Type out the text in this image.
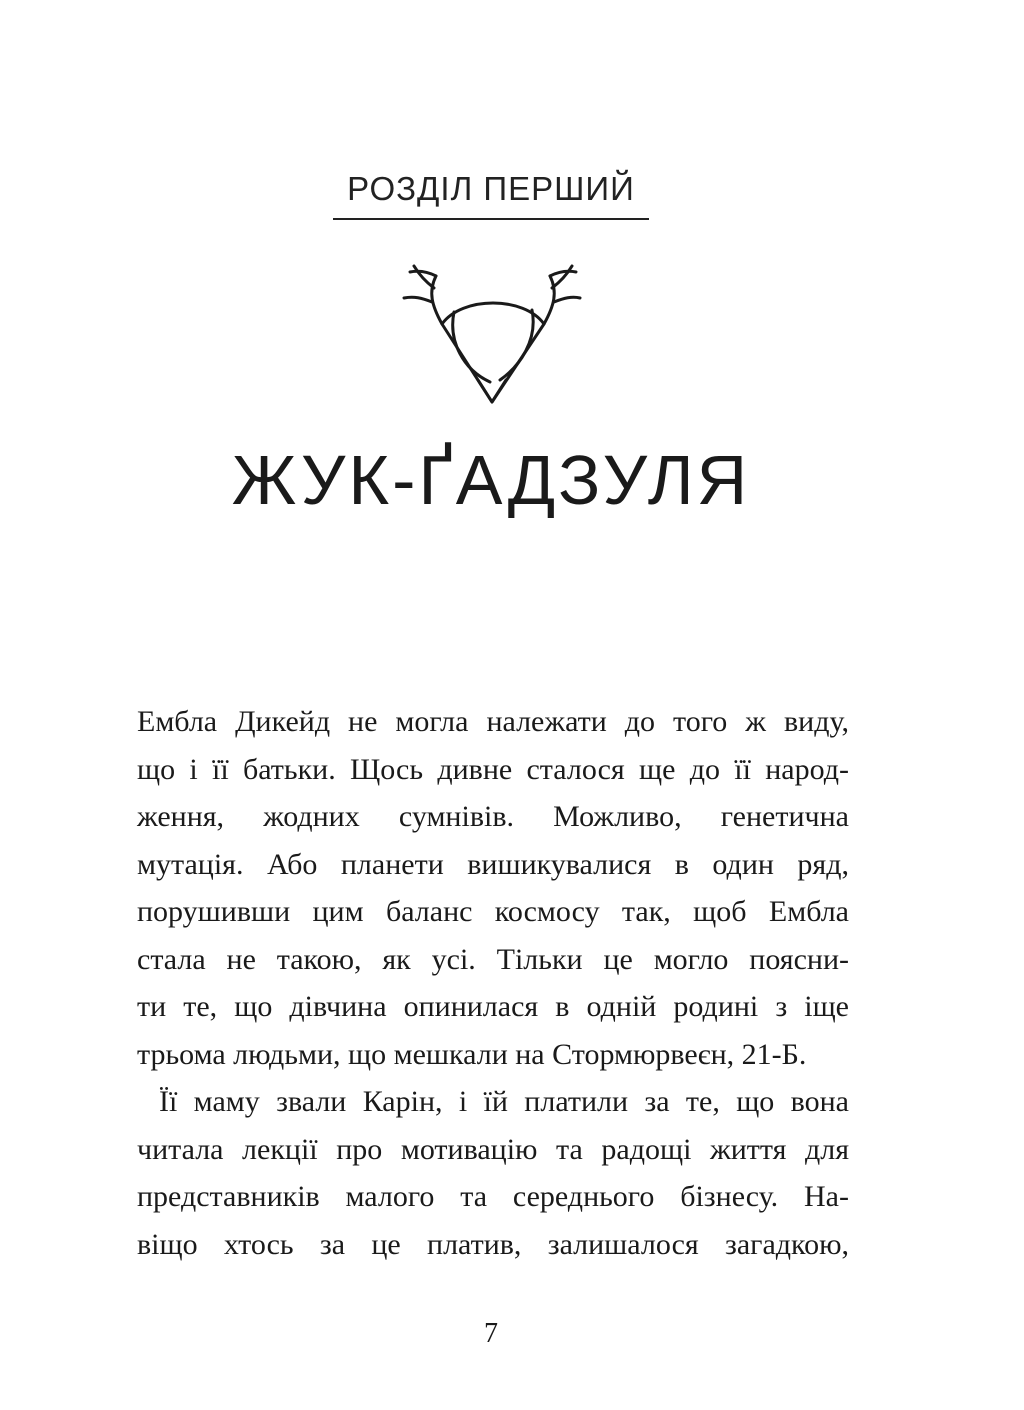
РОЗДІЛ ПЕРШИЙ
ЖУК-ҐАДЗУЛЯ
Ембла Дикейд не могла належати до того ж виду,
що і її батьки. Щось дивне сталося ще до її народ-
ження, жодних сумнівів. Можливо, генетична
мутація. Або планети вишикувалися в один ряд,
порушивши цим баланс космосу так, щоб Ембла
стала не такою, як усі. Тільки це могло поясни-
ти те, що дівчина опинилася в одній родині з іще
трьома людьми, що мешкали на Стормюрвеєн, 21-Б.
Її маму звали Карін, і їй платили за те, що вона
читала лекції про мотивацію та радощі життя для
представників малого та середнього бізнесу. На-
віщо хтось за це платив, залишалося загадкою,
7
